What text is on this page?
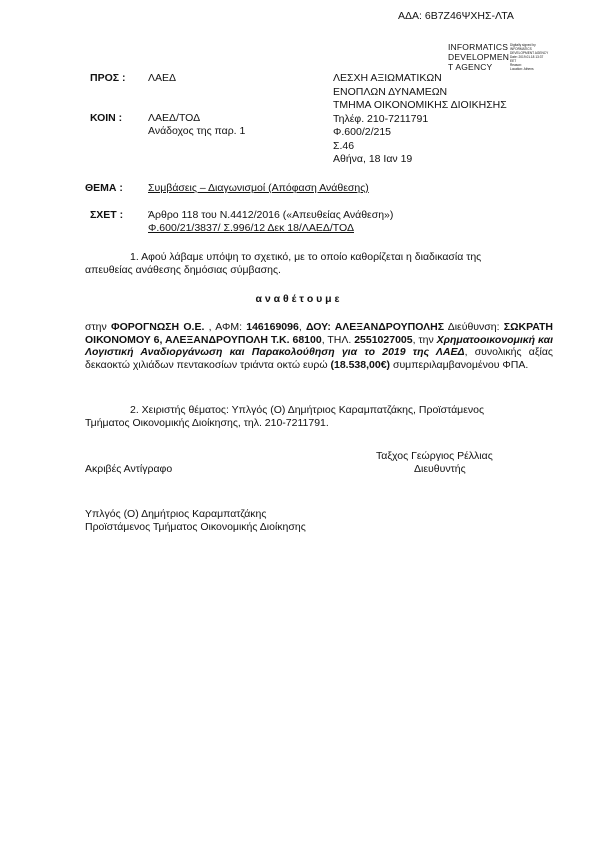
ΑΔΑ: 6Β7Ζ46ΨΧΗΣ-ΛΤΑ
INFORMATICS
DEVELOPMEN
T AGENCY
Digitally signed by
INFORMATICS
DEVELOPMENT AGENCY
Date: 2019.01.18 13:37
EET
Reason:
Location: Athens
ΠΡΟΣ : ΛΑΕΔ
ΚΟΙΝ : ΛΑΕΔ/ΤΟΔ
Ανάδοχος της παρ. 1
ΛΕΣΧΗ ΑΞΙΩΜΑΤΙΚΩΝ
ΕΝΟΠΛΩΝ ΔΥΝΑΜΕΩΝ
ΤΜΗΜΑ ΟΙΚΟΝΟΜΙΚΗΣ ΔΙΟΙΚΗΣΗΣ
Τηλέφ. 210-7211791
Φ.600/2/215
Σ.46
Αθήνα, 18 Ιαν 19
ΘΕΜΑ : Συμβάσεις – Διαγωνισμοί (Απόφαση Ανάθεσης)
ΣΧΕΤ : Άρθρο 118 του Ν.4412/2016 («Απευθείας Ανάθεση»)
Φ.600/21/3837/ Σ.996/12 Δεκ 18/ΛΑΕΔ/ΤΟΔ
1. Αφού λάβαμε υπόψη το σχετικό, με το οποίο καθορίζεται η διαδικασία της
απευθείας ανάθεσης δημόσιας σύμβασης.
α ν α θ έ τ ο υ μ ε
στην ΦΟΡΟΓΝΩΣΗ Ο.Ε. , ΑΦΜ: 146169096, ΔΟΥ: ΑΛΕΞΑΝΔΡΟΥΠΟΛΗΣ Διεύθυνση: ΣΩΚΡΑΤΗ ΟΙΚΟΝΟΜΟΥ 6, ΑΛΕΞΑΝΔΡΟΥΠΟΛΗ Τ.Κ. 68100, ΤΗΛ. 2551027005, την Χρηματοοικονομική και Λογιστική Αναδιοργάνωση και Παρακολούθηση για το 2019 της ΛΑΕΔ, συνολικής αξίας δεκαοκτώ χιλιάδων πεντακοσίων τριάντα οκτώ ευρώ (18.538,00€) συμπεριλαμβανομένου ΦΠΑ.
2. Χειριστής θέματος: Υπλγός (Ο) Δημήτριος Καραμπατζάκης, Προϊστάμενος
Τμήματος Οικονομικής Διοίκησης, τηλ. 210-7211791.
Ταξχος Γεώργιος Ρέλλιας
Διευθυντής
Ακριβές Αντίγραφο
Υπλγός (Ο) Δημήτριος Καραμπατζάκης
Προϊστάμενος Τμήματος Οικονομικής Διοίκησης
